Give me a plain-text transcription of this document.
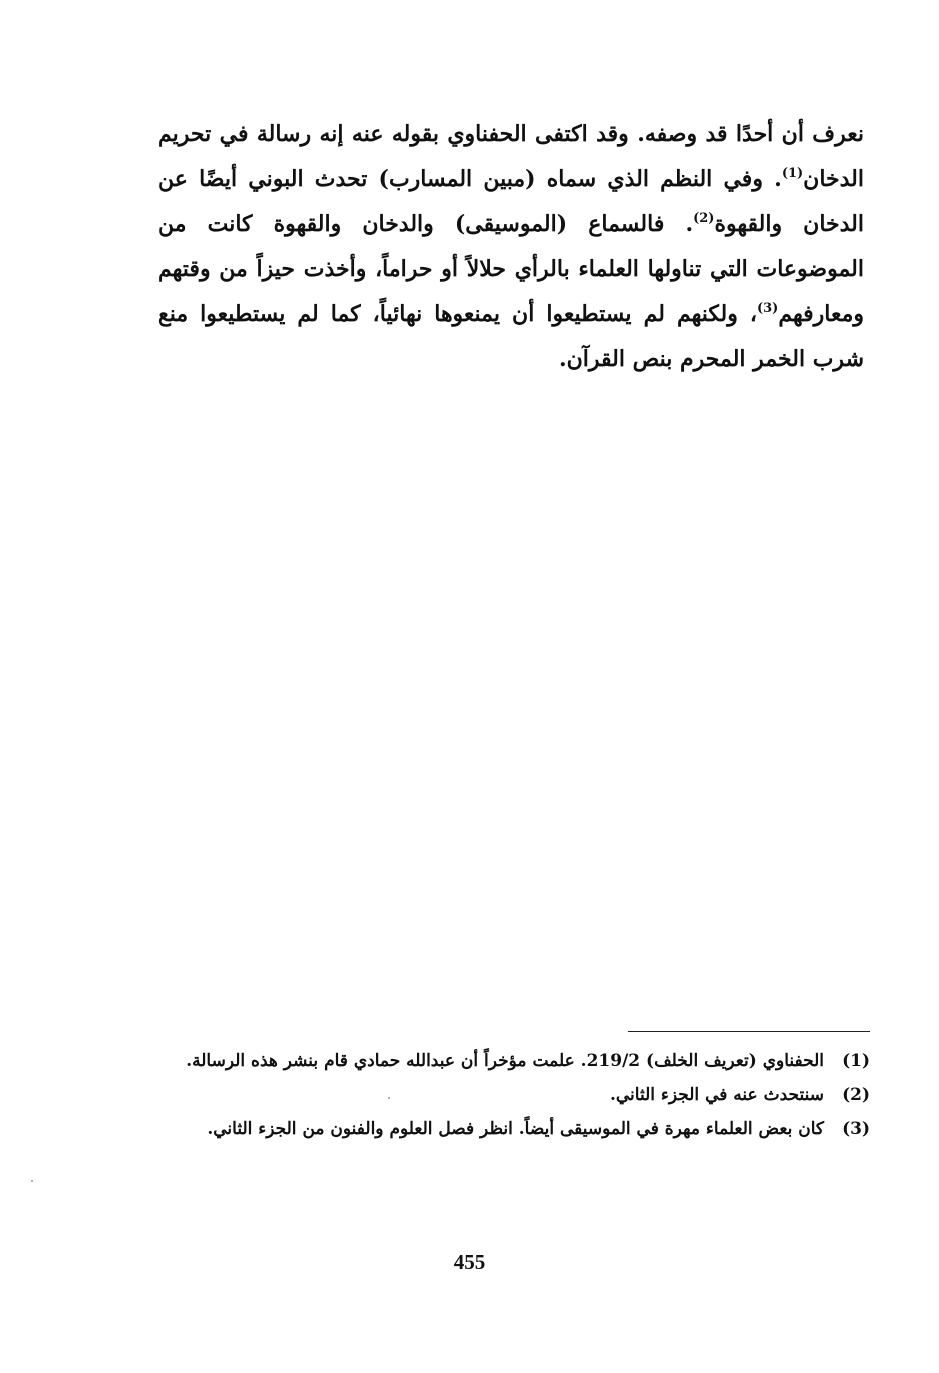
نعرف أن أحدًا قد وصفه. وقد اكتفى الحفناوي بقوله عنه إنه رسالة في تحريم الدخان$^{(1)}$. وفي النظم الذي سماه (مبين المسارب) تحدث البوني أيضًا عن الدخان والقهوة$^{(2)}$. فالسماع (الموسيقى) والدخان والقهوة كانت من الموضوعات التي تناولها العلماء بالرأي حلالاً أو حراماً، وأخذت حيزاً من وقتهم ومعارفهم$^{(3)}$، ولكنهم لم يستطيعوا أن يمنعوها نهائياً، كما لم يستطيعوا منع شرب الخمر المحرم بنص القرآن.

(1)
الحفناوي (تعريف الخلف) 219/2. علمت مؤخراً أن عبدالله حمادي قام بنشر هذه الرسالة.
(2)
سنتحدث عنه في الجزء الثاني.
(3)
كان بعض العلماء مهرة في الموسيقى أيضاً. انظر فصل العلوم والفنون من الجزء الثاني.
455
